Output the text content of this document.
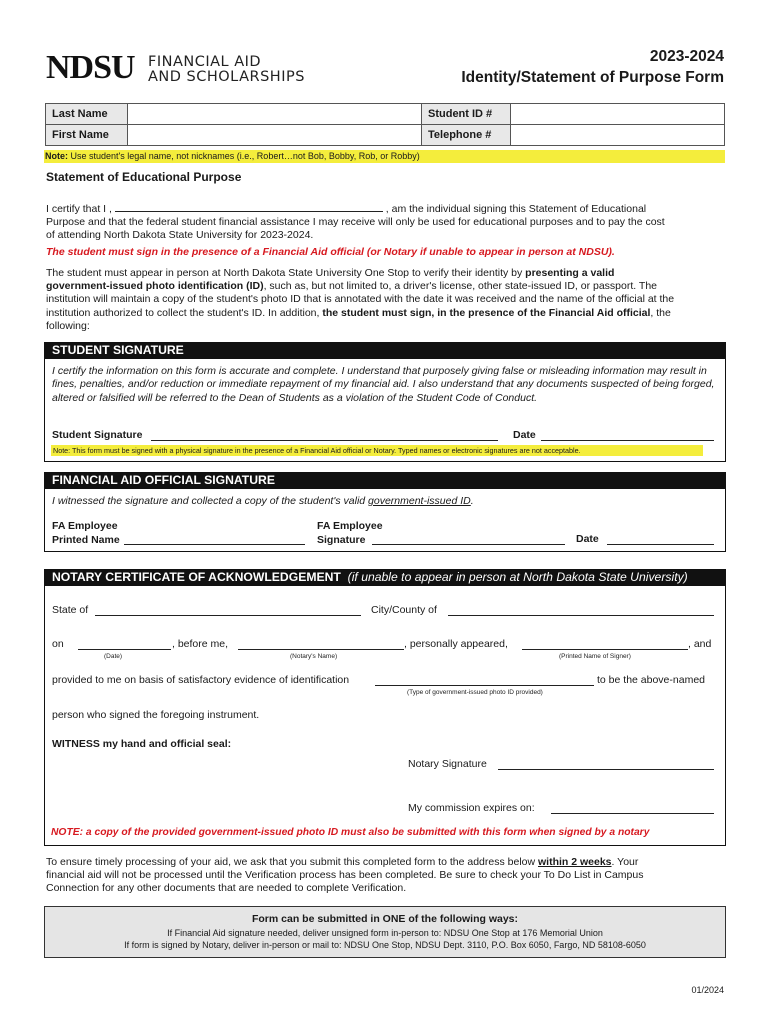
NDSU FINANCIAL AID
AND SCHOLARSHIPS
2023-2024
Identity/Statement of Purpose Form
Last Name		Student ID #	
First Name		Telephone #	
Note: Use student's legal name, not nicknames (i.e., Robert…not Bob, Bobby, Rob, or Robby)
Statement of Educational Purpose
I certify that I ,	, am the individual signing this Statement of Educational
Purpose and that the federal student financial assistance I may receive will only be used for educational purposes and to pay the cost
of attending North Dakota State University for 2023-2024.
The student must sign in the presence of a Financial Aid official (or Notary if unable to appear in person at NDSU).
The student must appear in person at North Dakota State University One Stop to verify their identity by presenting a valid
government-issued photo identification (ID), such as, but not limited to, a driver's license, other state-issued ID, or passport. The
institution will maintain a copy of the student's photo ID that is annotated with the date it was received and the name of the official at the
institution authorized to collect the student's ID. In addition, the student must sign, in the presence of the Financial Aid official, the
following:
STUDENT SIGNATURE
I certify the information on this form is accurate and complete. I understand that purposely giving false or misleading information may result in fines, penalties, and/or reduction or immediate repayment of my financial aid. I also understand that any documents suspected of being forged, altered or falsified will be referred to the Dean of Students as a violation of the Student Code of Conduct.
Student Signature	Date
Note: This form must be signed with a physical signature in the presence of a Financial Aid official or Notary. Typed names or electronic signatures are not acceptable.
FINANCIAL AID OFFICIAL SIGNATURE
I witnessed the signature and collected a copy of the student's valid government-issued ID.
FA Employee
Printed Name
FA Employee
Signature	Date
NOTARY CERTIFICATE OF ACKNOWLEDGEMENT (if unable to appear in person at North Dakota State University)
State of	City/County of
on	, before me,	, personally appeared,	, and
(Date)	(Notary's Name)	(Printed Name of Signer)
provided to me on basis of satisfactory evidence of identification	to be the above-named
(Type of government-issued photo ID provided)
person who signed the foregoing instrument.
WITNESS my hand and official seal:
Notary Signature
My commission expires on:
NOTE: a copy of the provided government-issued photo ID must also be submitted with this form when signed by a notary
To ensure timely processing of your aid, we ask that you submit this completed form to the address below within 2 weeks. Your
financial aid will not be processed until the Verification process has been completed. Be sure to check your To Do List in Campus
Connection for any other documents that are needed to complete Verification.
Form can be submitted in ONE of the following ways:
If Financial Aid signature needed, deliver unsigned form in-person to: NDSU One Stop at 176 Memorial Union
If form is signed by Notary, deliver in-person or mail to: NDSU One Stop, NDSU Dept. 3110, P.O. Box 6050, Fargo, ND 58108-6050
01/2024
